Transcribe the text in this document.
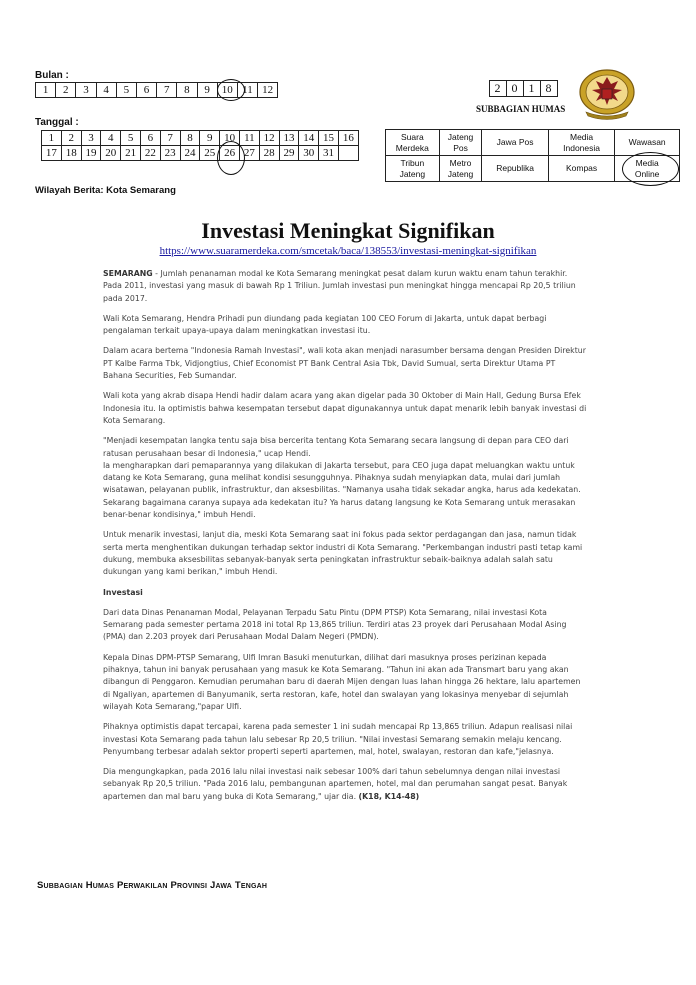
Bulan :
1	2	3	4	5	6	7	8	9	10	11	12
Tanggal :
1	2	3	4	5	6	7	8	9	10	11	12	13	14	15	16
17	18	19	20	21	22	23	24	25	26	27	28	29	30	31	
Wilayah Berita: Kota Semarang
2	0	1	8
SUBBAGIAN HUMAS
Suara Merdeka	Jateng Pos	Jawa Pos	Media Indonesia	Wawasan
Tribun Jateng	Metro Jateng	Republika	Kompas	Media Online
Investasi Meningkat Signifikan
https://www.suaramerdeka.com/smcetak/baca/138553/investasi-meningkat-signifikan

SEMARANG - Jumlah penanaman modal ke Kota Semarang meningkat pesat dalam kurun waktu enam tahun terakhir. Pada 2011, investasi yang masuk di bawah Rp 1 Triliun. Jumlah investasi pun meningkat hingga mencapai Rp 20,5 triliun pada 2017.

Wali Kota Semarang, Hendra Prihadi pun diundang pada kegiatan 100 CEO Forum di Jakarta, untuk dapat berbagi pengalaman terkait upaya-upaya dalam meningkatkan investasi itu.

Dalam acara bertema "Indonesia Ramah Investasi", wali kota akan menjadi narasumber bersama dengan Presiden Direktur PT Kalbe Farma Tbk, Vidjongtius, Chief Economist PT Bank Central Asia Tbk, David Sumual, serta Direktur Utama PT Bahana Securities, Feb Sumandar.

Wali kota yang akrab disapa Hendi hadir dalam acara yang akan digelar pada 30 Oktober di Main Hall, Gedung Bursa Efek Indonesia itu. Ia optimistis bahwa kesempatan tersebut dapat digunakannya untuk dapat menarik lebih banyak investasi di Kota Semarang.

"Menjadi kesempatan langka tentu saja bisa bercerita tentang Kota Semarang secara langsung di depan para CEO dari ratusan perusahaan besar di Indonesia," ucap Hendi.

Ia mengharapkan dari pemaparannya yang dilakukan di Jakarta tersebut, para CEO juga dapat meluangkan waktu untuk datang ke Kota Semarang, guna melihat kondisi sesungguhnya. Pihaknya sudah menyiapkan data, mulai dari jumlah wisatawan, pelayanan publik, infrastruktur, dan aksesbilitas. "Namanya usaha tidak sekadar angka, harus ada kedekatan. Sekarang bagaimana caranya supaya ada kedekatan itu? Ya harus datang langsung ke Kota Semarang untuk merasakan benar-benar kondisinya," imbuh Hendi.

Untuk menarik investasi, lanjut dia, meski Kota Semarang saat ini fokus pada sektor perdagangan dan jasa, namun tidak serta merta menghentikan dukungan terhadap sektor industri di Kota Semarang. "Perkembangan industri pasti tetap kami dukung, membuka aksesbilitas sebanyak-banyak serta peningkatan infrastruktur sebaik-baiknya adalah salah satu dukungan yang kami berikan," imbuh Hendi.

Investasi

Dari data Dinas Penanaman Modal, Pelayanan Terpadu Satu Pintu (DPM PTSP) Kota Semarang, nilai investasi Kota Semarang pada semester pertama 2018 ini total Rp 13,865 triliun. Terdiri atas 23 proyek dari Perusahaan Modal Asing (PMA) dan 2.203 proyek dari Perusahaan Modal Dalam Negeri (PMDN).

Kepala Dinas DPM-PTSP Semarang, Ulfi Imran Basuki menuturkan, dilihat dari masuknya proses perizinan kepada pihaknya, tahun ini banyak perusahaan yang masuk ke Kota Semarang. "Tahun ini akan ada Transmart baru yang akan dibangun di Penggaron. Kemudian perumahan baru di daerah Mijen dengan luas lahan hingga 26 hektare, lalu apartemen di Ngaliyan, apartemen di Banyumanik, serta restoran, kafe, hotel dan swalayan yang lokasinya menyebar di sejumlah wilayah Kota Semarang,"papar Ulfi.

Pihaknya optimistis dapat tercapai, karena pada semester 1 ini sudah mencapai Rp 13,865 triliun. Adapun realisasi nilai investasi Kota Semarang pada tahun lalu sebesar Rp 20,5 triliun. "Nilai investasi Semarang semakin melaju kencang. Penyumbang terbesar adalah sektor properti seperti apartemen, mal, hotel, swalayan, restoran dan kafe,"jelasnya.

Dia mengungkapkan, pada 2016 lalu nilai investasi naik sebesar 100% dari tahun sebelumnya dengan nilai investasi sebanyak Rp 20,5 triliun. "Pada 2016 lalu, pembangunan apartemen, hotel, mal dan perumahan sangat pesat. Banyak apartemen dan mal baru yang buka di Kota Semarang," ujar dia. (K18, K14-48)

Subbagian Humas Perwakilan Provinsi Jawa Tengah
